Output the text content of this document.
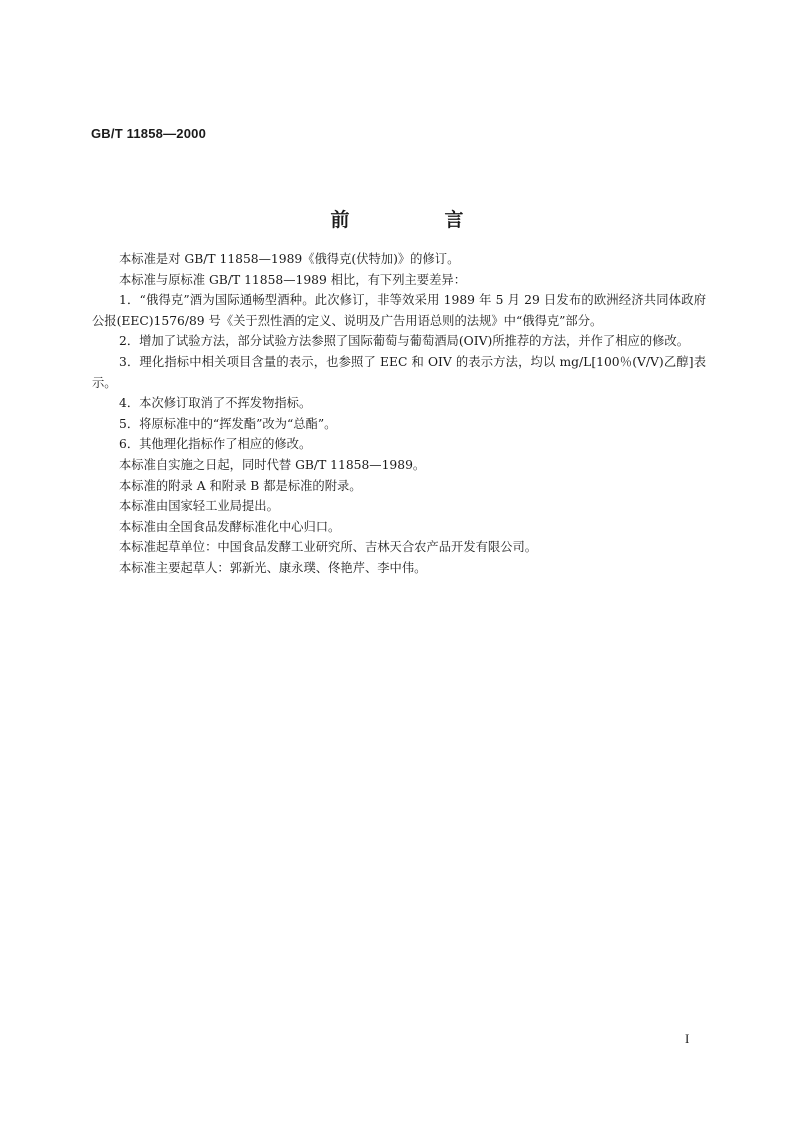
GB/T 11858—2000
前　言

本标准是对 GB/T 11858—1989《俄得克(伏特加)》的修订。

本标准与原标准 GB/T 11858—1989 相比，有下列主要差异：

1．“俄得克”酒为国际通畅型酒种。此次修订，非等效采用 1989 年 5 月 29 日发布的欧洲经济共同体政府公报(EEC)1576/89 号《关于烈性酒的定义、说明及广告用语总则的法规》中“俄得克”部分。

2．增加了试验方法，部分试验方法参照了国际葡萄与葡萄酒局(OIV)所推荐的方法，并作了相应的修改。

3．理化指标中相关项目含量的表示，也参照了 EEC 和 OIV 的表示方法，均以 mg/L[100％(V/V)乙醇]表示。

4．本次修订取消了不挥发物指标。

5．将原标准中的“挥发酯”改为“总酯”。

6．其他理化指标作了相应的修改。

本标准自实施之日起，同时代替 GB/T 11858—1989。

本标准的附录 A 和附录 B 都是标准的附录。

本标准由国家轻工业局提出。

本标准由全国食品发酵标准化中心归口。

本标准起草单位：中国食品发酵工业研究所、吉林天合农产品开发有限公司。

本标准主要起草人：郭新光、康永璞、佟艳芹、李中伟。

I
